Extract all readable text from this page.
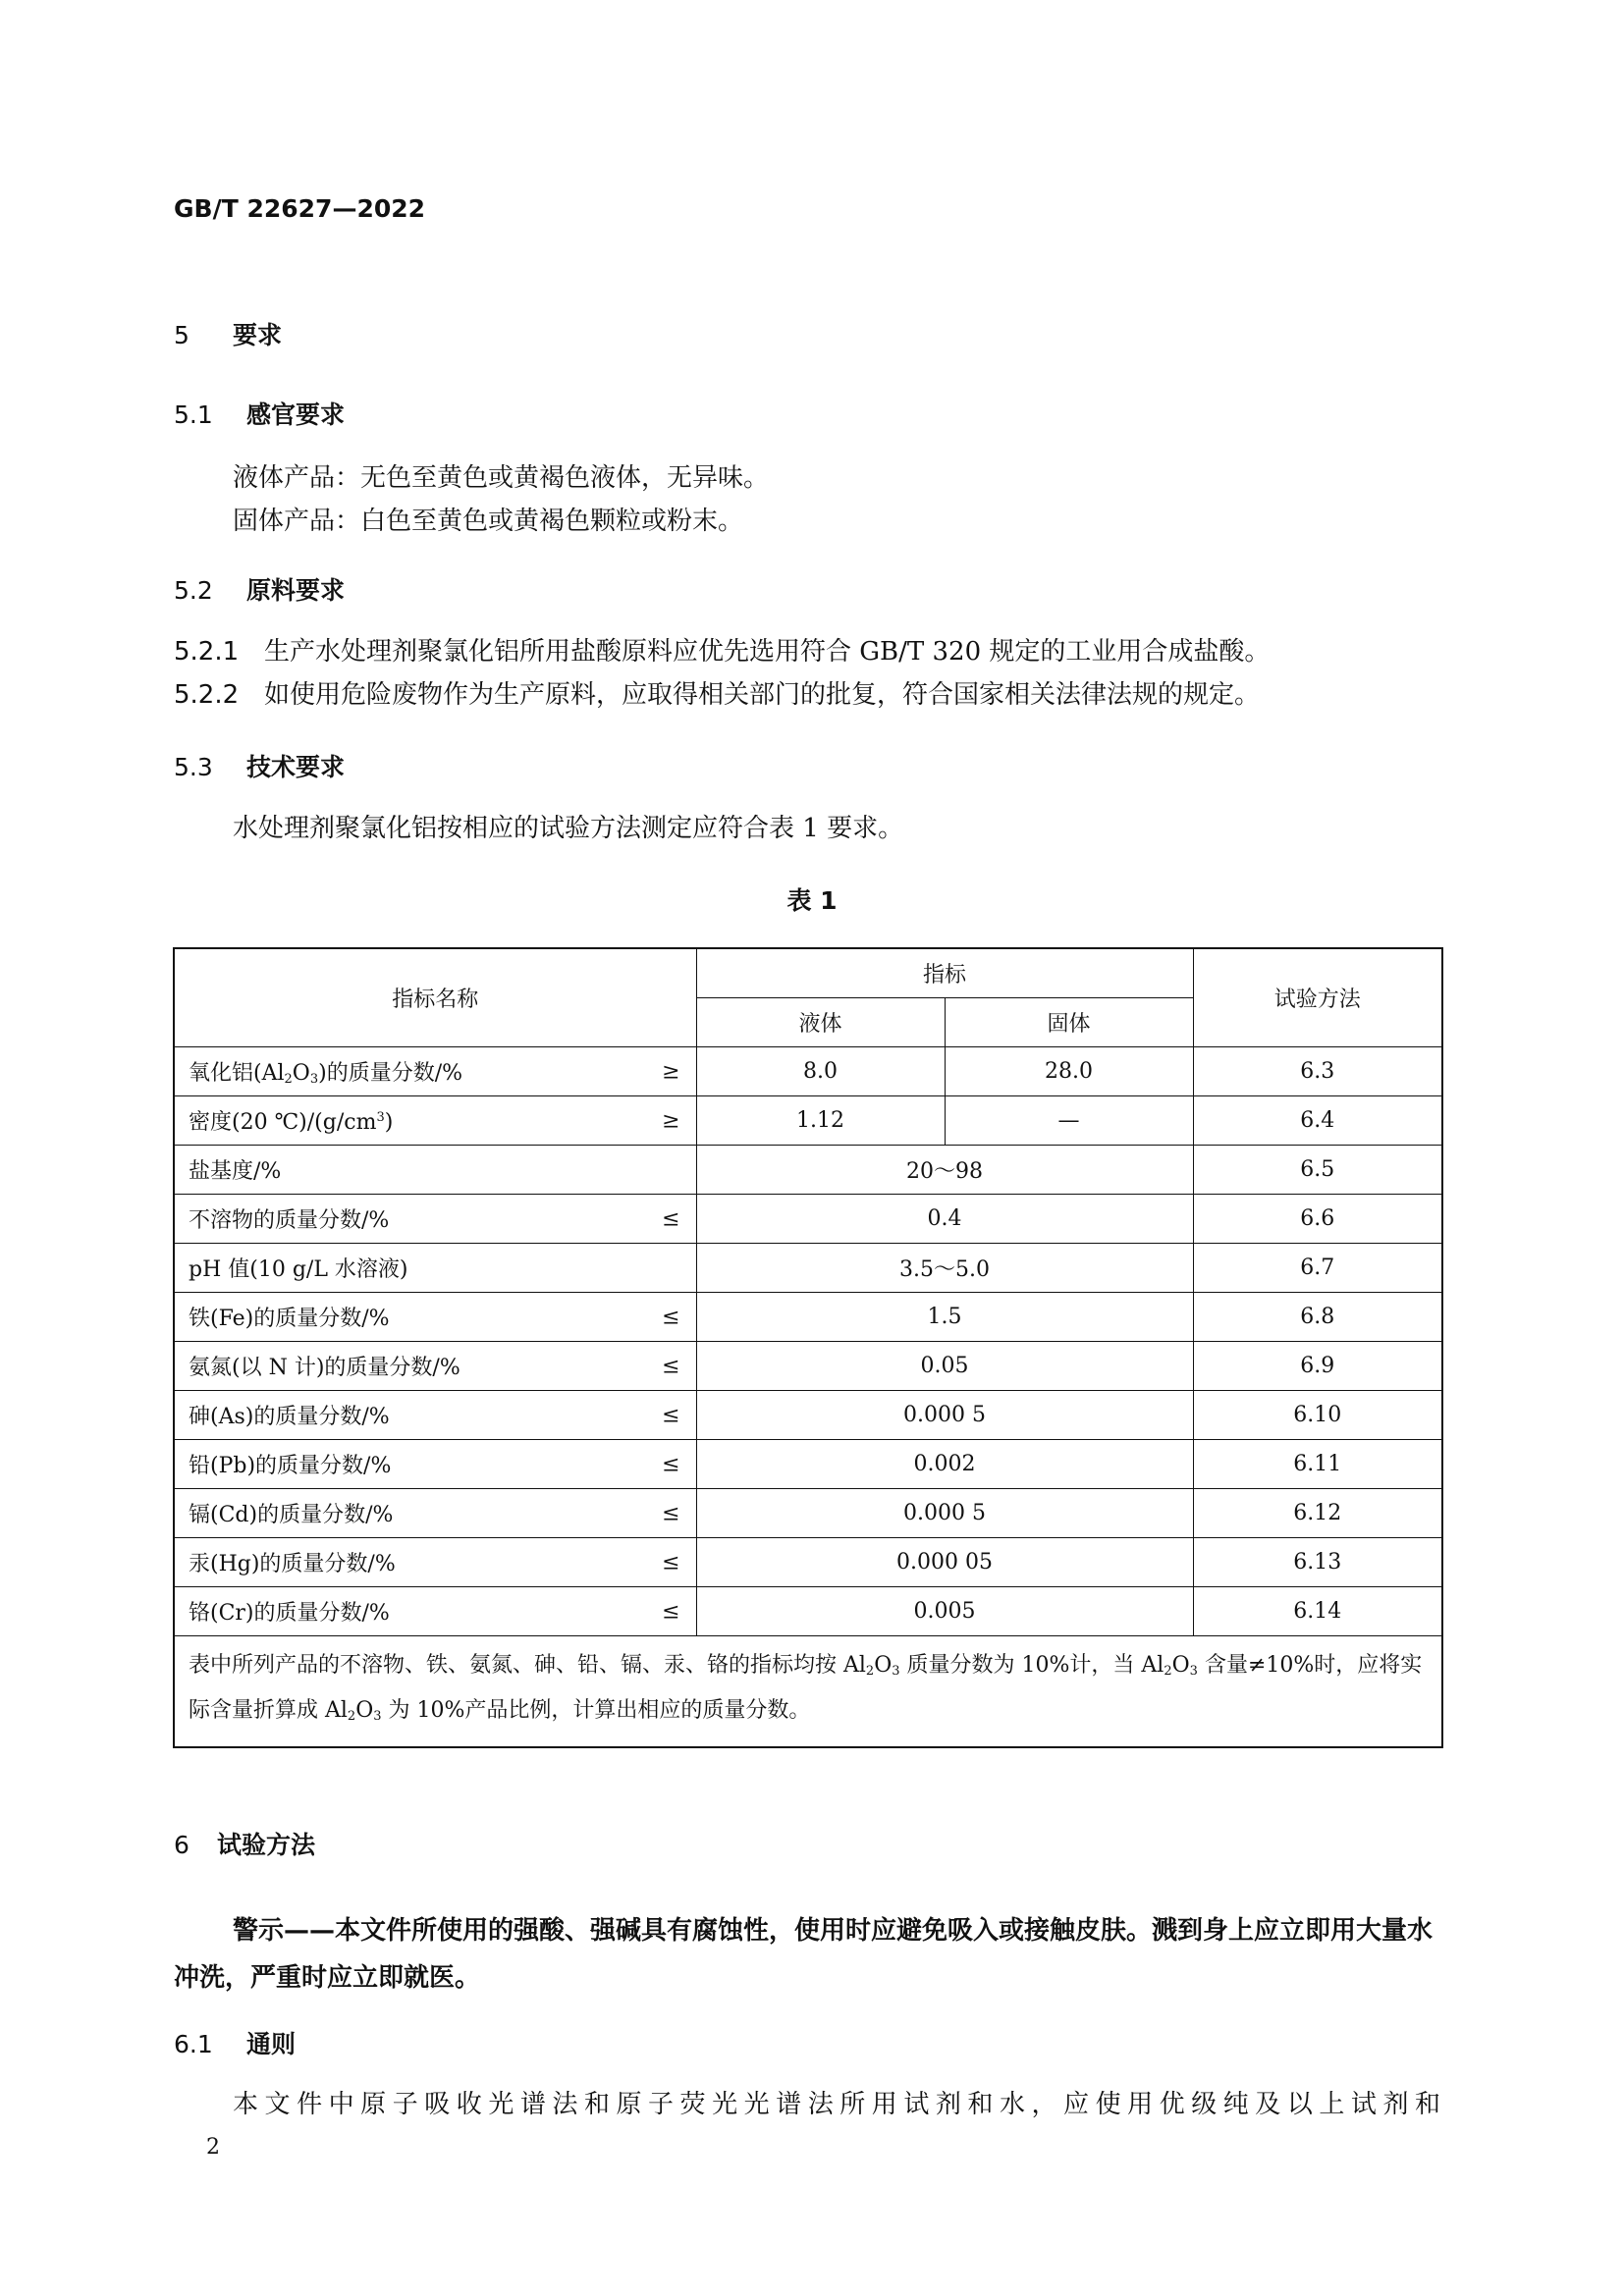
GB/T 22627—2022
5 要求
5.1 感官要求
液体产品：无色至黄色或黄褐色液体，无异味。
固体产品：白色至黄色或黄褐色颗粒或粉末。
5.2 原料要求
5.2.1 生产水处理剂聚氯化铝所用盐酸原料应优先选用符合 GB/T 320 规定的工业用合成盐酸。
5.2.2 如使用危险废物作为生产原料，应取得相关部门的批复，符合国家相关法律法规的规定。
5.3 技术要求
水处理剂聚氯化铝按相应的试验方法测定应符合表 1 要求。
表 1
指标名称	指标		试验方法
	液体	固体	
氧化铝$(Al_2O_3)$的质量分数/% ≥	8.0	28.0	6.3
密度(20 $℃)/(g/cm^3)$ ≥	1.12	—	6.4
盐基度/%	20～98		6.5
不溶物的质量分数/% ≤	0.4		6.6
pH 值(10 g/L 水溶液)	3.5～5.0		6.7
铁(Fe)的质量分数/% ≤	1.5		6.8
氨氮(以 N 计)的质量分数/% ≤	0.05		6.9
砷(As)的质量分数/% ≤	0.000 5		6.10
铅(Pb)的质量分数/% ≤	0.002		6.11
镉(Cd)的质量分数/% ≤	0.000 5		6.12
汞(Hg)的质量分数/% ≤	0.000 05		6.13
铬(Cr)的质量分数/% ≤	0.005		6.14
表中所列产品的不溶物、铁、氨氮、砷、铅、镉、汞、铬的指标均按 $Al_2O_3$ 质量分数为 10%计，当 $Al_2O_3$ 含量≠10%时，应将实际含量折算成 $Al_2O_3$ 为 10%产品比例，计算出相应的质量分数。			
6 试验方法
警示——本文件所使用的强酸、强碱具有腐蚀性，使用时应避免吸入或接触皮肤。溅到身上应立即用大量水冲洗，严重时应立即就医。
6.1 通则
本文件中原子吸收光谱法和原子荧光光谱法所用试剂和水，应使用优级纯及以上试剂和
2
